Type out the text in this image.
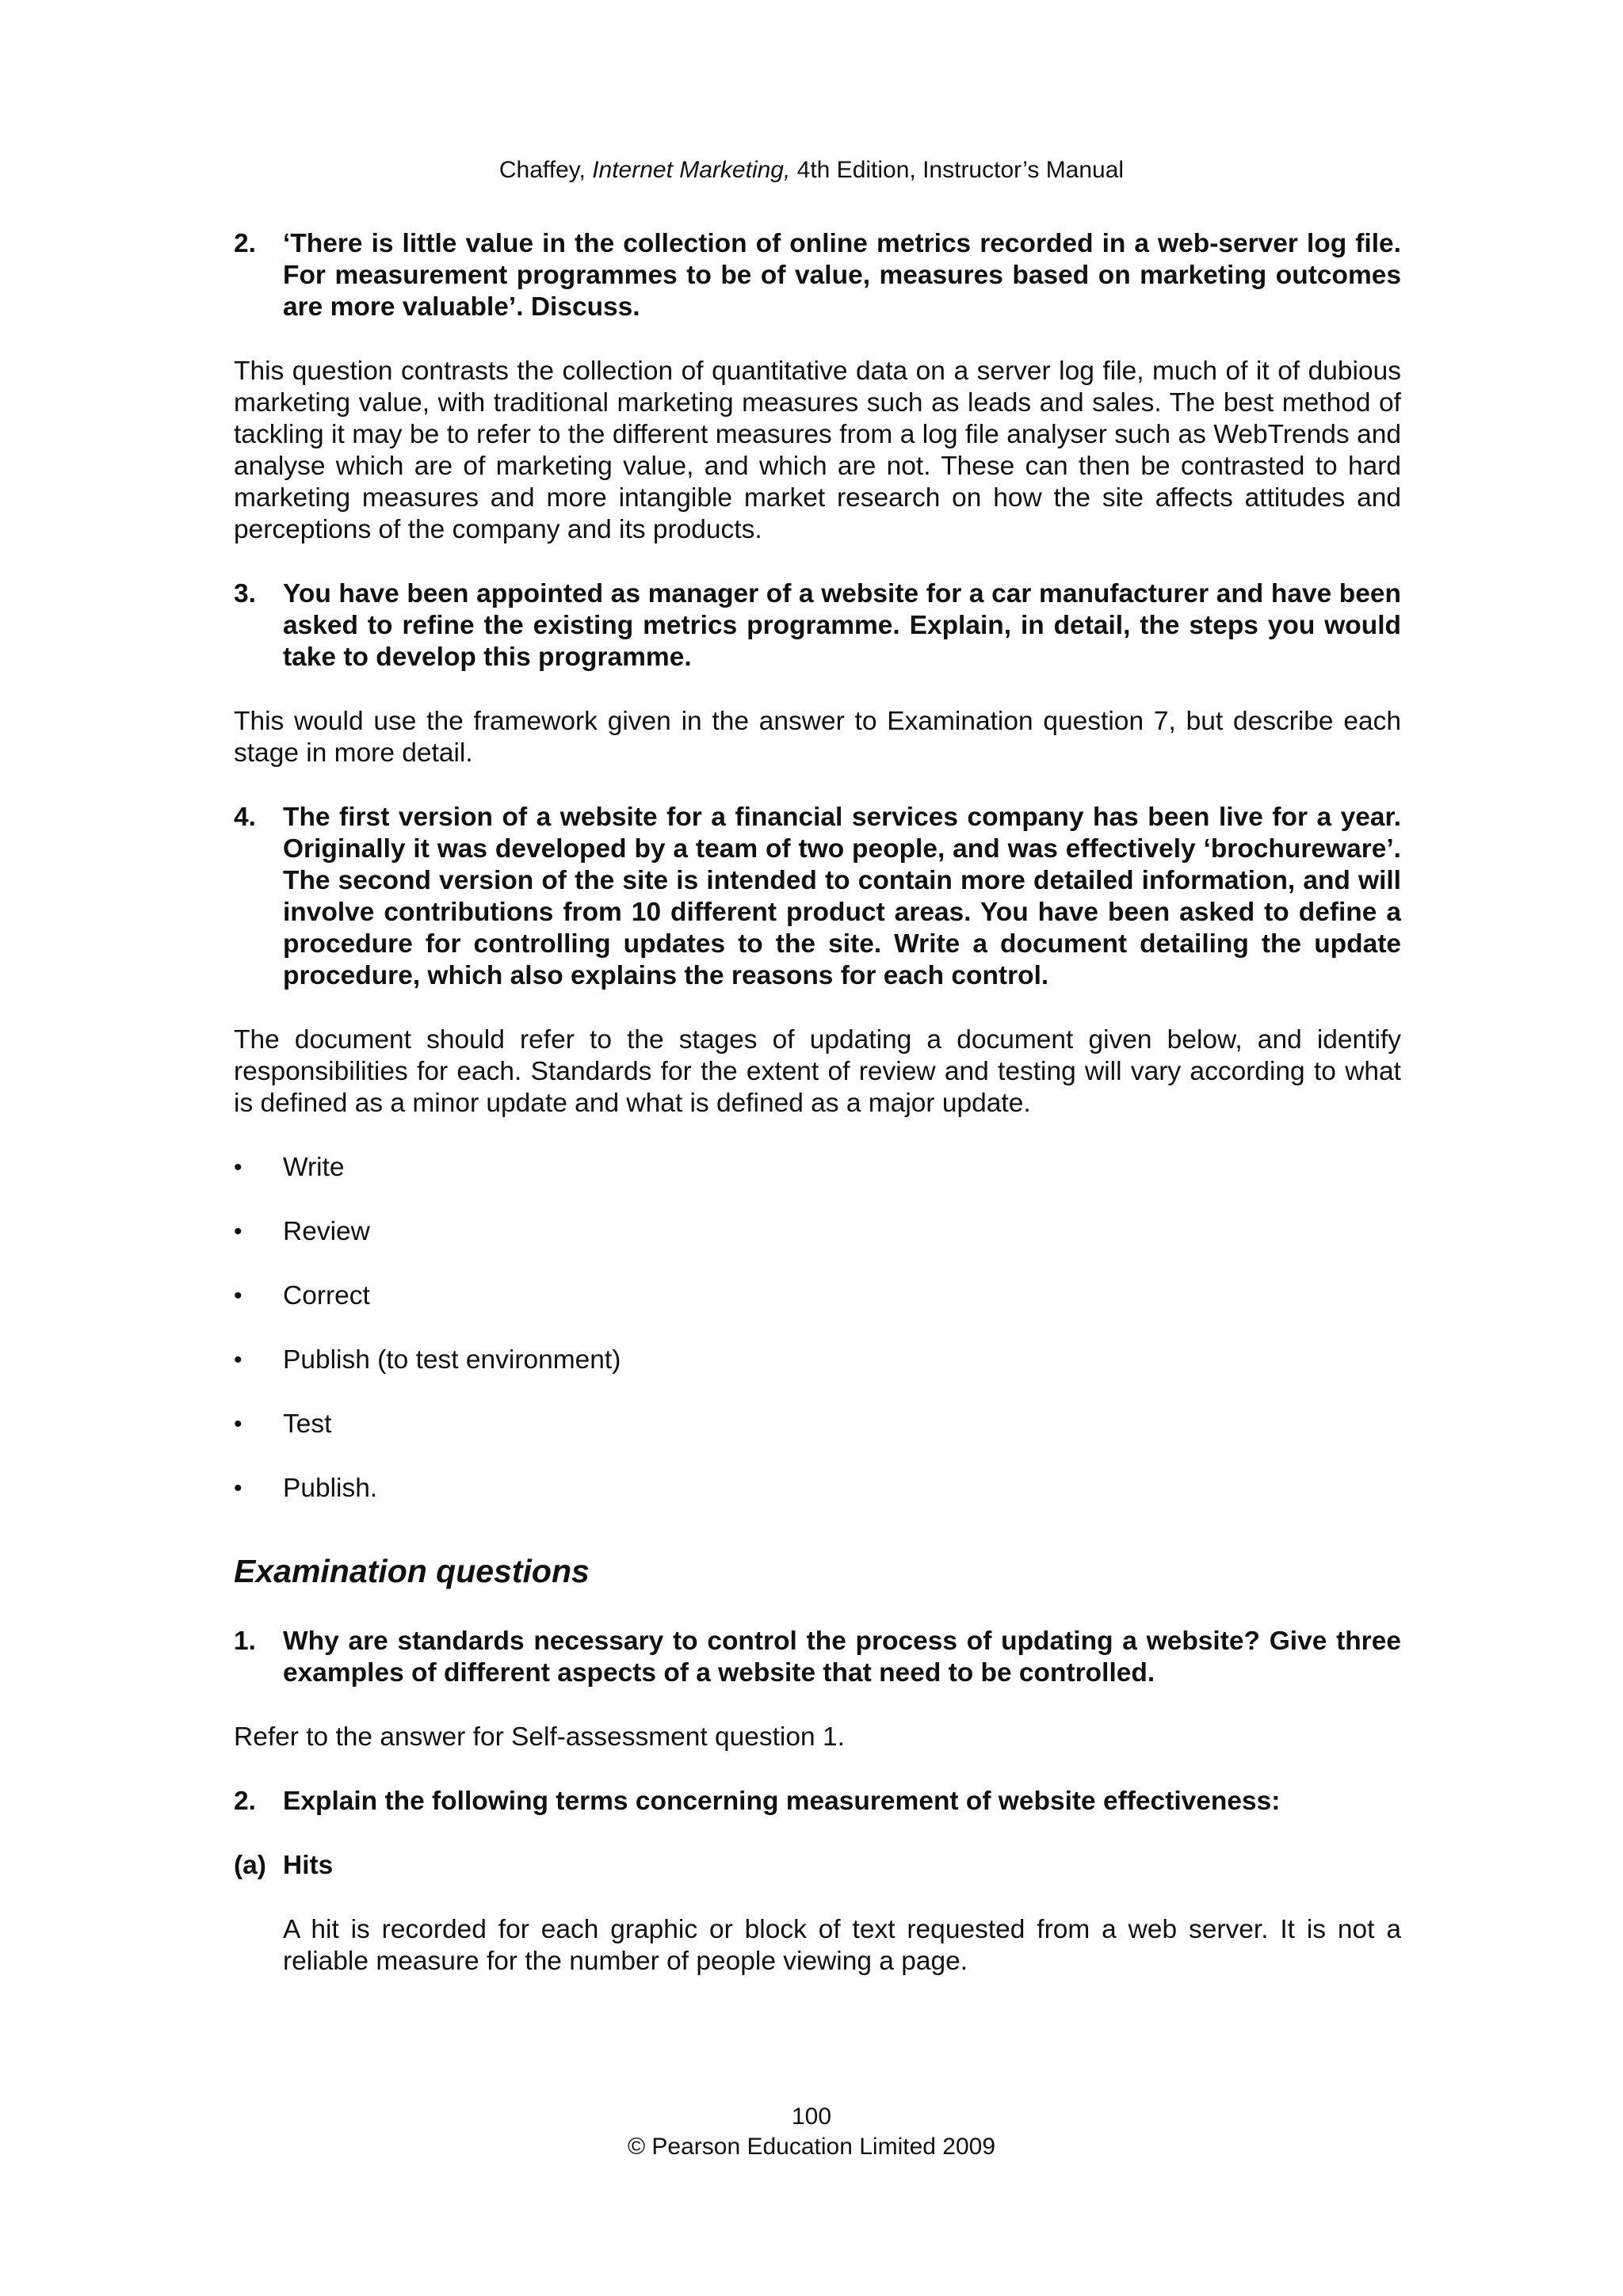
Chaffey, Internet Marketing, 4th Edition, Instructor’s Manual
2.	‘There is little value in the collection of online metrics recorded in a web-server log file. For measurement programmes to be of value, measures based on marketing outcomes are more valuable’. Discuss.

This question contrasts the collection of quantitative data on a server log file, much of it of dubious marketing value, with traditional marketing measures such as leads and sales. The best method of tackling it may be to refer to the different measures from a log file analyser such as WebTrends and analyse which are of marketing value, and which are not. These can then be contrasted to hard marketing measures and more intangible market research on how the site affects attitudes and perceptions of the company and its products.

3.	You have been appointed as manager of a website for a car manufacturer and have been asked to refine the existing metrics programme. Explain, in detail, the steps you would take to develop this programme.

This would use the framework given in the answer to Examination question 7, but describe each stage in more detail.

4.	The first version of a website for a financial services company has been live for a year. Originally it was developed by a team of two people, and was effectively ‘brochureware’. The second version of the site is intended to contain more detailed information, and will involve contributions from 10 different product areas. You have been asked to define a procedure for controlling updates to the site. Write a document detailing the update procedure, which also explains the reasons for each control.

The document should refer to the stages of updating a document given below, and identify responsibilities for each. Standards for the extent of review and testing will vary according to what is defined as a minor update and what is defined as a major update.

•	Write
•	Review
•	Correct
•	Publish (to test environment)
•	Test
•	Publish.
Examination questions
1.	Why are standards necessary to control the process of updating a website? Give three examples of different aspects of a website that need to be controlled.

Refer to the answer for Self-assessment question 1.

2.	Explain the following terms concerning measurement of website effectiveness:
(a) Hits

A hit is recorded for each graphic or block of text requested from a web server. It is not a reliable measure for the number of people viewing a page.

100
© Pearson Education Limited 2009
